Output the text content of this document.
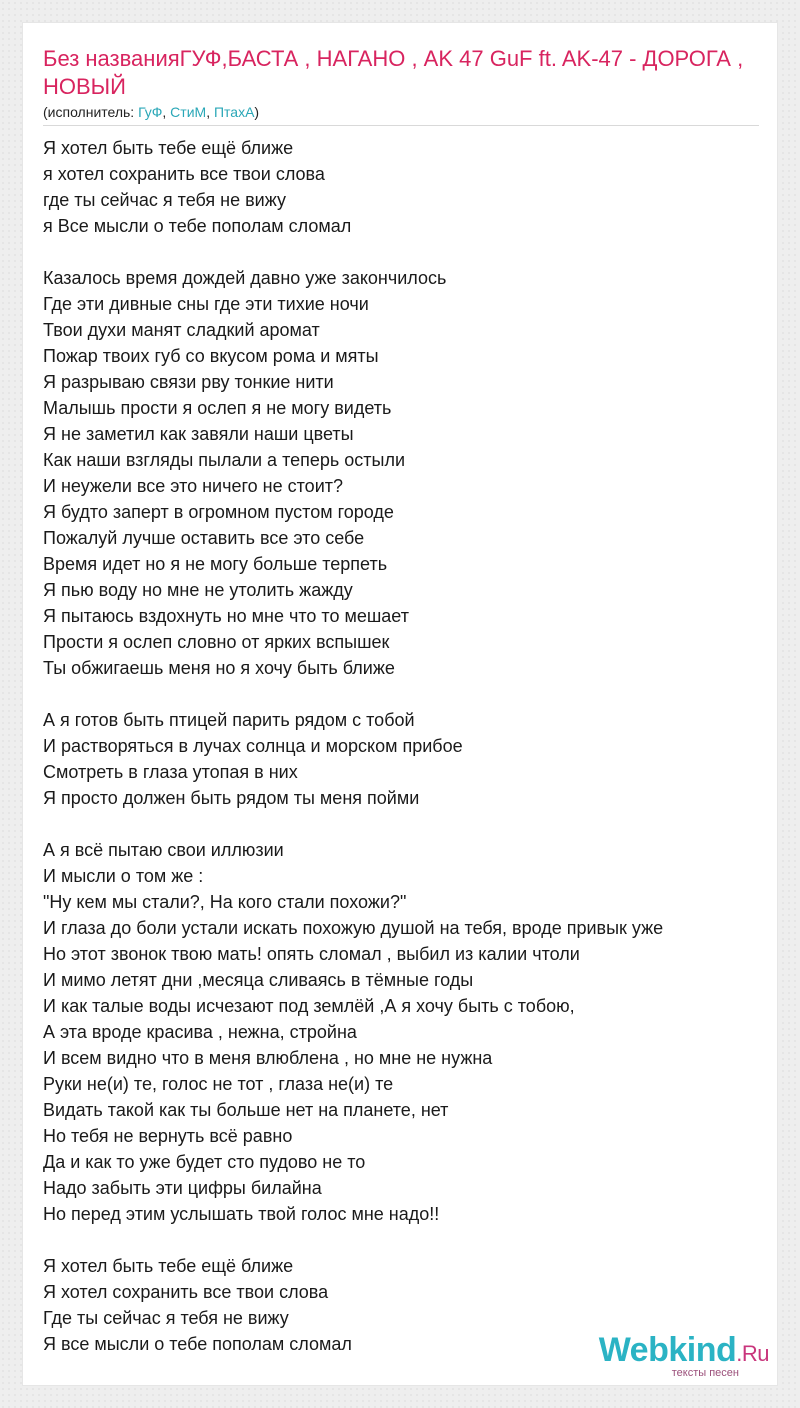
Без названияГУФ,БАСТА , НАГАНО , AK 47 GuF ft. AK-47 - ДОРОГА , НОВЫЙ
(исполнитель: ГуФ, СтиМ, ПтахА)
Я хотел быть тебе ещё ближе
я хотел сохранить все твои слова
где ты сейчас я тебя не вижу
я Все мысли о тебе пополам сломал
Казалось время дождей давно уже закончилось
Где эти дивные сны где эти тихие ночи
Твои духи манят сладкий аромат
Пожар твоих губ со вкусом рома и мяты
Я разрываю связи рву тонкие нити
Малышь прости я ослеп я не могу видеть
Я не заметил как завяли наши цветы
Как наши взгляды пылали а теперь остыли
И неужели все это ничего не стоит?
Я будто заперт в огромном пустом городе
Пожалуй лучше оставить все это себе
Время идет но я не могу больше терпеть
Я пью воду но мне не утолить жажду
Я пытаюсь вздохнуть но мне что то мешает
Прости я ослеп словно от ярких вспышек
Ты обжигаешь меня но я хочу быть ближе
А я готов быть птицей парить рядом с тобой
И растворяться в лучах солнца и морском прибое
Смотреть в глаза утопая в них
Я просто должен быть рядом ты меня пойми
А я всё пытаю свои иллюзии
И мысли о том же :
"Ну кем мы стали?, На кого стали похожи?"
И глаза до боли устали искать похожую душой на тебя, вроде привык уже
Но этот звонок твою мать! опять сломал , выбил из калии чтоли
И мимо летят дни ,месяца сливаясь в тёмные годы
И как талые воды исчезают под землёй ,А я хочу быть с тобою,
А эта вроде красива , нежна, стройна
И всем видно что в меня влюблена , но мне не нужна
Руки не(и) те, голос не тот , глаза не(и) те
Видать такой как ты больше нет на планете, нет
Но тебя не вернуть всё равно
Да и как то уже будет сто пудово не то
Надо забыть эти цифры билайна
Но перед этим услышать твой голос мне надо!!
Я хотел быть тебе ещё ближе
Я хотел сохранить все твои слова
Где ты сейчас я тебя не вижу
Я все мысли о тебе пополам сломал	Webkind.Ru
тексты песен
